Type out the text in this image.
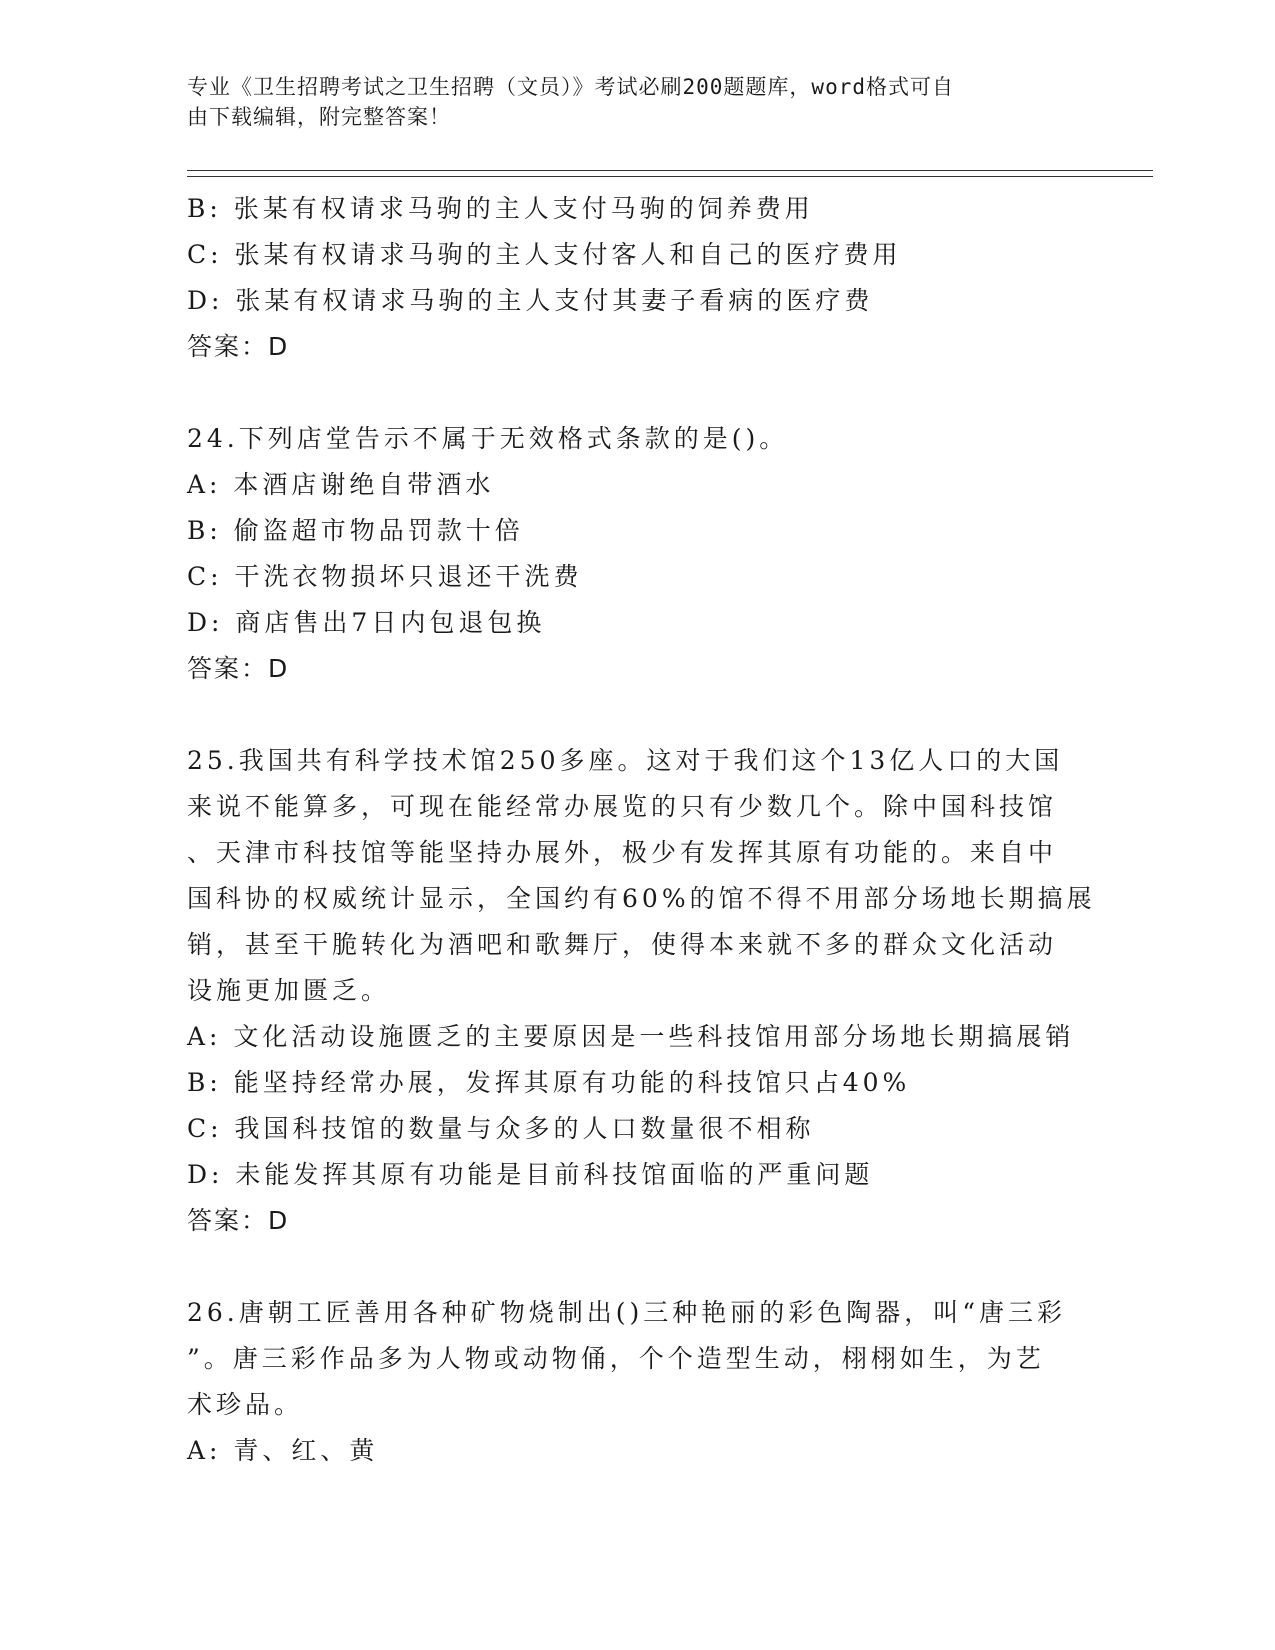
专业《卫生招聘考试之卫生招聘（文员）》考试必刷200题题库，word格式可自
由下载编辑，附完整答案！
B: 张某有权请求马驹的主人支付马驹的饲养费用
C: 张某有权请求马驹的主人支付客人和自己的医疗费用
D: 张某有权请求马驹的主人支付其妻子看病的医疗费
答案：D
24.下列店堂告示不属于无效格式条款的是()。
A: 本酒店谢绝自带酒水
B: 偷盗超市物品罚款十倍
C: 干洗衣物损坏只退还干洗费
D: 商店售出7日内包退包换
答案：D
25.我国共有科学技术馆250多座。这对于我们这个13亿人口的大国
来说不能算多，可现在能经常办展览的只有少数几个。除中国科技馆
、天津市科技馆等能坚持办展外，极少有发挥其原有功能的。来自中
国科协的权威统计显示，全国约有60%的馆不得不用部分场地长期搞展
销，甚至干脆转化为酒吧和歌舞厅，使得本来就不多的群众文化活动
设施更加匮乏。
A: 文化活动设施匮乏的主要原因是一些科技馆用部分场地长期搞展销
B: 能坚持经常办展，发挥其原有功能的科技馆只占40%
C: 我国科技馆的数量与众多的人口数量很不相称
D: 未能发挥其原有功能是目前科技馆面临的严重问题
答案：D
26.唐朝工匠善用各种矿物烧制出()三种艳丽的彩色陶器，叫“唐三彩
”。唐三彩作品多为人物或动物俑，个个造型生动，栩栩如生，为艺
术珍品。
A: 青、红、黄
